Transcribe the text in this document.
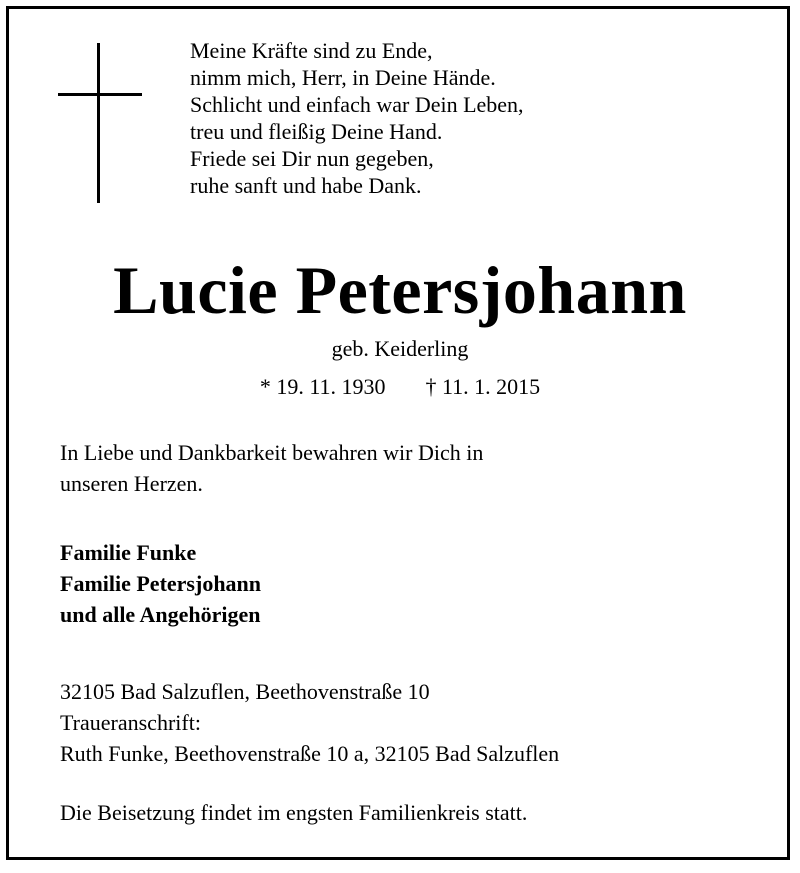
Meine Kräfte sind zu Ende,
nimm mich, Herr, in Deine Hände.
Schlicht und einfach war Dein Leben,
treu und fleißig Deine Hand.
Friede sei Dir nun gegeben,
ruhe sanft und habe Dank.
Lucie Petersjohann
geb. Keiderling
* 19. 11. 1930 † 11. 1. 2015
In Liebe und Dankbarkeit bewahren wir Dich in
unseren Herzen.
Familie Funke
Familie Petersjohann
und alle Angehörigen
32105 Bad Salzuflen, Beethovenstraße 10
Traueranschrift:
Ruth Funke, Beethovenstraße 10 a, 32105 Bad Salzuflen
Die Beisetzung findet im engsten Familienkreis statt.
